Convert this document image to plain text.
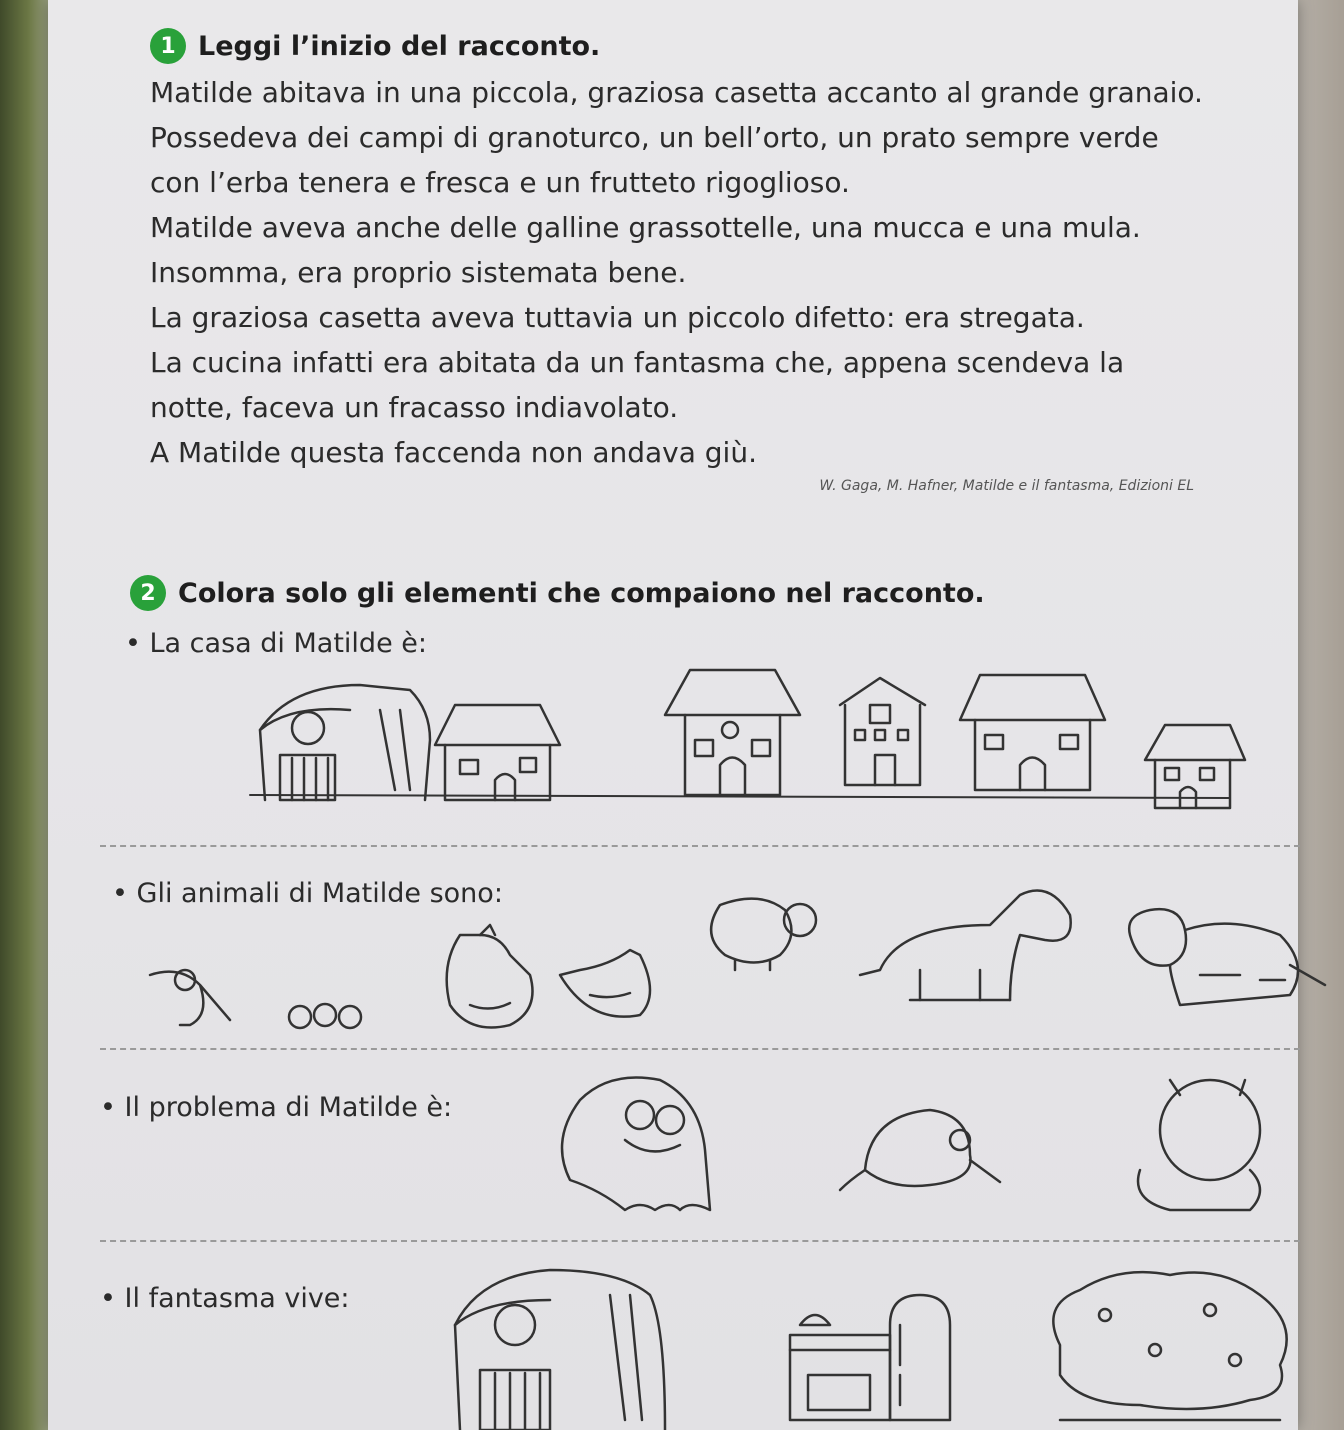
1 Leggi l’inizio del racconto.
Matilde abitava in una piccola, graziosa casetta accanto al grande granaio.
Possedeva dei campi di granoturco, un bell’orto, un prato sempre verde
con l’erba tenera e fresca e un frutteto rigoglioso.
Matilde aveva anche delle galline grassottelle, una mucca e una mula.
Insomma, era proprio sistemata bene.
La graziosa casetta aveva tuttavia un piccolo difetto: era stregata.
La cucina infatti era abitata da un fantasma che, appena scendeva la
notte, faceva un fracasso indiavolato.
A Matilde questa faccenda non andava giù.
W. Gaga, M. Hafner, Matilde e il fantasma, Edizioni EL
2 Colora solo gli elementi che compaiono nel racconto.
• La casa di Matilde è:
• Gli animali di Matilde sono:
• Il problema di Matilde è:
• Il fantasma vive:
